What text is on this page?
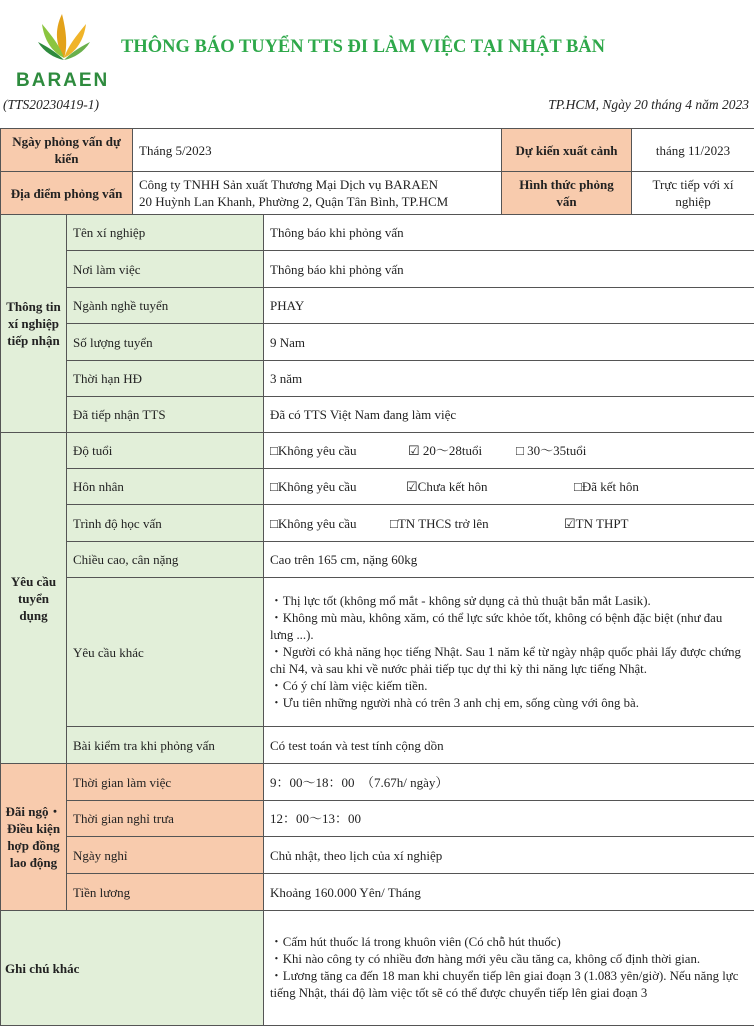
BARAEN
THÔNG BÁO TUYỂN TTS ĐI LÀM VIỆC TẠI NHẬT BẢN
(TTS20230419-1)	TP.HCM, Ngày 20 tháng 4 năm 2023
Ngày phỏng vấn dự kiến		Tháng 5/2023		Dự kiến xuất cảnh	tháng 11/2023
Địa điểm phỏng vấn		Công ty TNHH Sản xuất Thương Mại Dịch vụ BARAEN
20 Huỳnh Lan Khanh, Phường 2, Quận Tân Bình, TP.HCM		Hình thức phỏng vấn	Trực tiếp với xí nghiệp
Thông tin xí nghiệp tiếp nhận	Tên xí nghiệp		Thông báo khi phỏng vấn		
	Nơi làm việc		Thông báo khi phỏng vấn		
	Ngành nghề tuyển		PHAY		
	Số lượng tuyển		9 Nam		
	Thời hạn HĐ		3 năm		
	Đã tiếp nhận TTS		Đã có TTS Việt Nam đang làm việc		
Yêu cầu tuyển dụng	Độ tuổi		□Không yêu cầu ☑ 20～28tuổi □ 30～35tuổi		
	Hôn nhân		□Không yêu cầu ☑Chưa kết hôn □Đã kết hôn		
	Trình độ học vấn		□Không yêu cầu □TN THCS trở lên ☑TN THPT		
	Chiều cao, cân nặng		Cao trên 165 cm, nặng 60kg		
	Yêu cầu khác		・Thị lực tốt (không mổ mắt - không sử dụng cả thủ thuật bắn mắt Lasik).
・Không mù màu, không xăm, có thể lực sức khỏe tốt, không có bệnh đặc biệt (như đau lưng ...).
・Người có khả năng học tiếng Nhật. Sau 1 năm kể từ ngày nhập quốc phải lấy được chứng chỉ N4, và sau khi về nước phải tiếp tục dự thi kỳ thi năng lực tiếng Nhật.
・Có ý chí làm việc kiếm tiền.
・Ưu tiên những người nhà có trên 3 anh chị em, sống cùng với ông bà.		

	Bài kiểm tra khi phỏng vấn		Có test toán và test tính cộng dồn		
Đãi ngộ・Điều kiện hợp đồng lao động	Thời gian làm việc		9：00～18：00　（7.67h/ ngày）		
	Thời gian nghỉ trưa		12：00～13：00		
	Ngày nghỉ		Chủ nhật, theo lịch của xí nghiệp		
	Tiền lương		Khoảng 160.000 Yên/ Tháng		
Ghi chú khác			・Cấm hút thuốc lá trong khuôn viên (Có chỗ hút thuốc)
・Khi nào công ty có nhiều đơn hàng mới yêu cầu tăng ca, không cố định thời gian.
・Lương tăng ca đến 18 man khi chuyển tiếp lên giai đoạn 3 (1.083 yên/giờ). Nếu năng lực tiếng Nhật, thái độ làm việc tốt sẽ có thể được chuyển tiếp lên giai đoạn 3		
